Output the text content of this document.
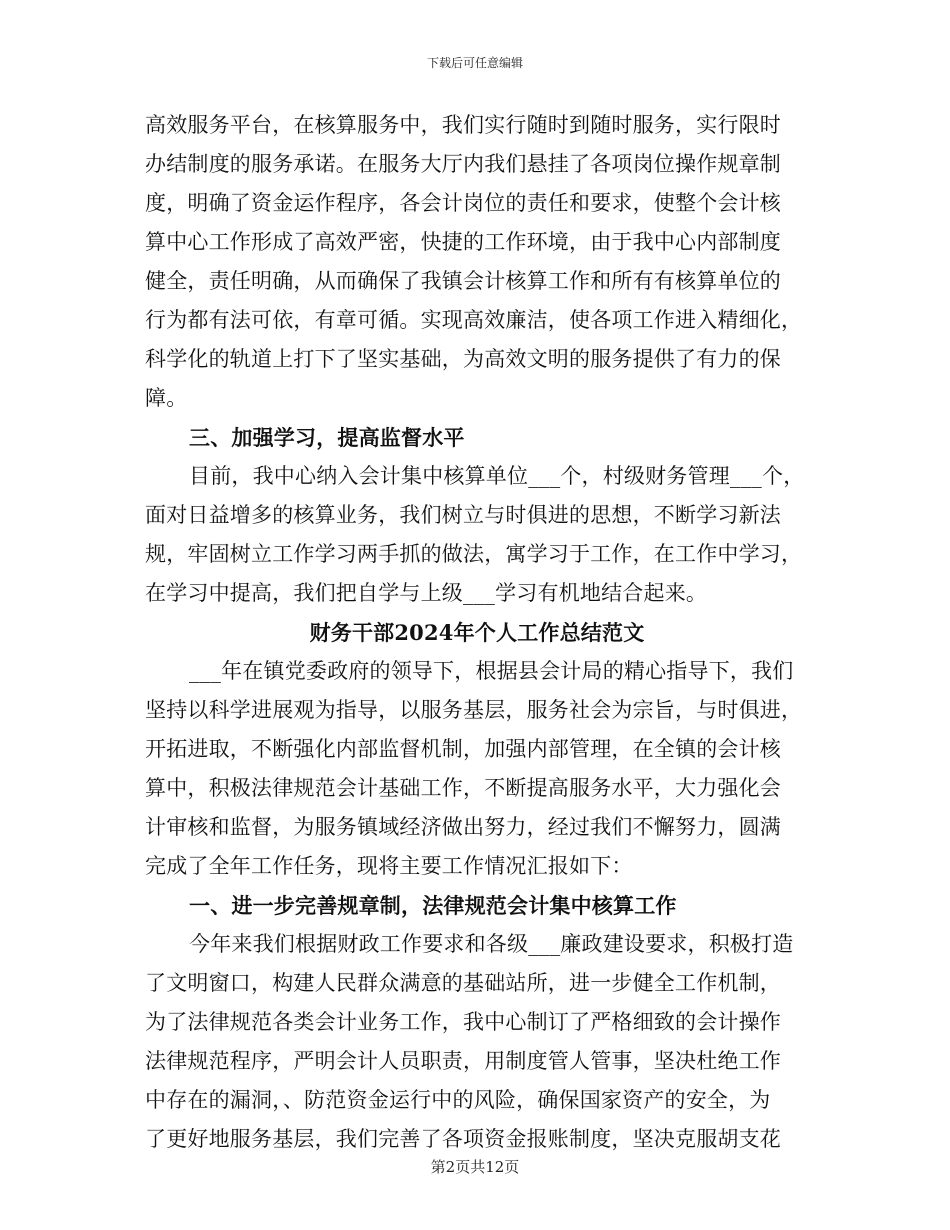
下载后可任意编辑
高效服务平台，在核算服务中，我们实行随时到随时服务，实行限时
办结制度的服务承诺。在服务大厅内我们悬挂了各项岗位操作规章制
度，明确了资金运作程序，各会计岗位的责任和要求，使整个会计核
算中心工作形成了高效严密，快捷的工作环境，由于我中心内部制度
健全，责任明确，从而确保了我镇会计核算工作和所有有核算单位的
行为都有法可依，有章可循。实现高效廉洁，使各项工作进入精细化，
科学化的轨道上打下了坚实基础，为高效文明的服务提供了有力的保
障。
三、加强学习，提高监督水平
目前，我中心纳入会计集中核算单位___个，村级财务管理___个，
面对日益增多的核算业务，我们树立与时俱进的思想，不断学习新法
规，牢固树立工作学习两手抓的做法，寓学习于工作，在工作中学习，
在学习中提高，我们把自学与上级___学习有机地结合起来。
财务干部2024年个人工作总结范文
___年在镇党委政府的领导下，根据县会计局的精心指导下，我们
坚持以科学进展观为指导，以服务基层，服务社会为宗旨，与时俱进，
开拓进取，不断强化内部监督机制，加强内部管理，在全镇的会计核
算中，积极法律规范会计基础工作，不断提高服务水平，大力强化会
计审核和监督，为服务镇域经济做出努力，经过我们不懈努力，圆满
完成了全年工作任务，现将主要工作情况汇报如下：
一、进一步完善规章制，法律规范会计集中核算工作
今年来我们根据财政工作要求和各级___廉政建设要求，积极打造
了文明窗口，构建人民群众满意的基础站所，进一步健全工作机制，
为了法律规范各类会计业务工作，我中心制订了严格细致的会计操作
法律规范程序，严明会计人员职责，用制度管人管事，坚决杜绝工作
中存在的漏洞，、防范资金运行中的风险，确保国家资产的安全，为
了更好地服务基层，我们完善了各项资金报账制度，坚决克服胡支花
第2页共12页
